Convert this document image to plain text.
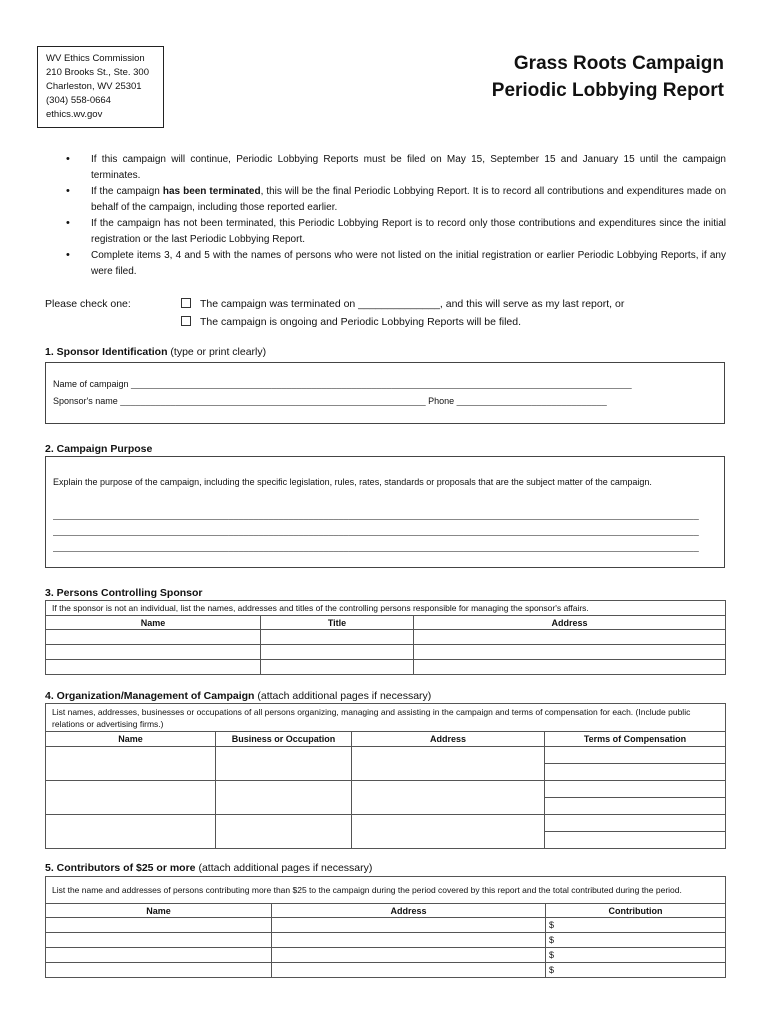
WV Ethics Commission
210 Brooks St., Ste. 300
Charleston, WV 25301
(304) 558-0664
ethics.wv.gov
Grass Roots Campaign
Periodic Lobbying Report
• If this campaign will continue, Periodic Lobbying Reports must be filed on May 15, September 15 and January 15 until the campaign terminates.
• If the campaign has been terminated, this will be the final Periodic Lobbying Report. It is to record all contributions and expenditures made on behalf of the campaign, including those reported earlier.
• If the campaign has not been terminated, this Periodic Lobbying Report is to record only those contributions and expenditures since the initial registration or the last Periodic Lobbying Report.
• Complete items 3, 4 and 5 with the names of persons who were not listed on the initial registration or earlier Periodic Lobbying Reports, if any were filed.
Please check one:	The campaign was terminated on ______________, and this will serve as my last report, or
The campaign is ongoing and Periodic Lobbying Reports will be filed.
1. Sponsor Identification (type or print clearly)
Name of campaign ____________________________________________________________________________________________________
Sponsor's name _____________________________________________________________ Phone ______________________________
2. Campaign Purpose
Explain the purpose of the campaign, including the specific legislation, rules, rates, standards or proposals that are the subject matter of the campaign.
_________________________________________________________________________________________________________________________________
_________________________________________________________________________________________________________________________________
_________________________________________________________________________________________________________________________________
3. Persons Controlling Sponsor
If the sponsor is not an individual, list the names, addresses and titles of the controlling persons responsible for managing the sponsor's affairs.		
Name	Title	Address

4. Organization/Management of Campaign (attach additional pages if necessary)
List names, addresses, businesses or occupations of all persons organizing, managing and assisting in the campaign and terms of compensation for each. (Include public relations or advertising firms.)			
Name	Business or Occupation	Address	Terms of Compensation

5. Contributors of $25 or more (attach additional pages if necessary)
List the name and addresses of persons contributing more than $25 to the campaign during the period covered by this report and the total contributed during the period.		
Name	Address	Contribution
		$
		$
		$
		$
